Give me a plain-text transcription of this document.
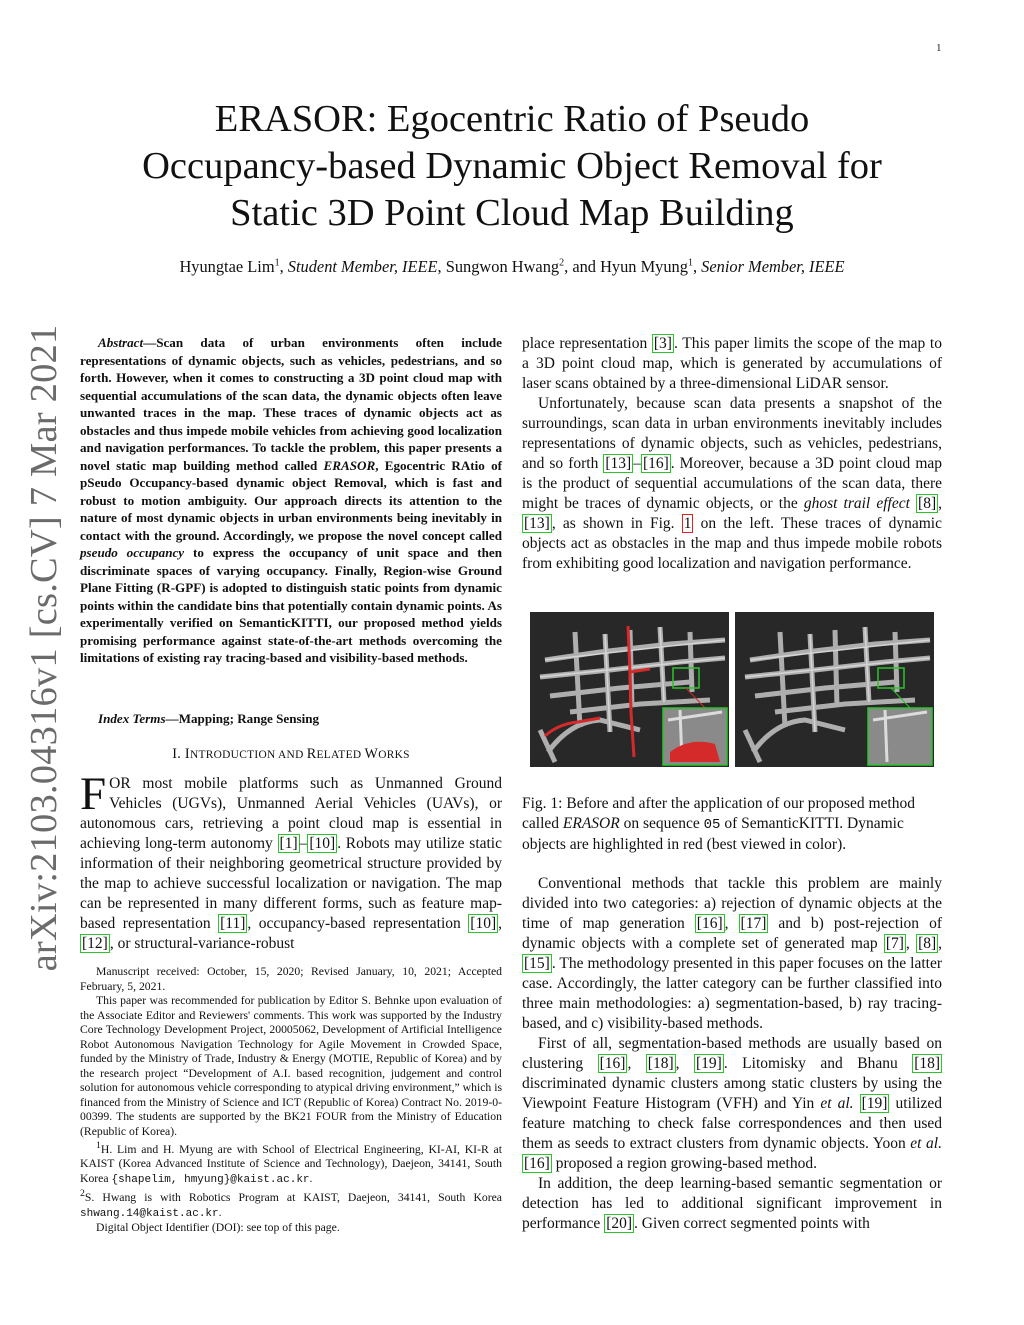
1
arXiv:2103.04316v1 [cs.CV] 7 Mar 2021
ERASOR: Egocentric Ratio of Pseudo
Occupancy-based Dynamic Object Removal for
Static 3D Point Cloud Map Building
Hyungtae Lim$^1$, Student Member, IEEE, Sungwon Hwang$^2$, and Hyun Myung$^1$, Senior Member, IEEE

Abstract—Scan data of urban environments often include representations of dynamic objects, such as vehicles, pedestrians, and so forth. However, when it comes to constructing a 3D point cloud map with sequential accumulations of the scan data, the dynamic objects often leave unwanted traces in the map. These traces of dynamic objects act as obstacles and thus impede mobile vehicles from achieving good localization and navigation performances. To tackle the problem, this paper presents a novel static map building method called ERASOR, Egocentric RAtio of pSeudo Occupancy-based dynamic object Removal, which is fast and robust to motion ambiguity. Our approach directs its attention to the nature of most dynamic objects in urban environments being inevitably in contact with the ground. Accordingly, we propose the novel concept called pseudo occupancy to express the occupancy of unit space and then discriminate spaces of varying occupancy. Finally, Region-wise Ground Plane Fitting (R-GPF) is adopted to distinguish static points from dynamic points within the candidate bins that potentially contain dynamic points. As experimentally verified on SemanticKITTI, our proposed method yields promising performance against state-of-the-art methods overcoming the limitations of existing ray tracing-based and visibility-based methods.

Index Terms—Mapping; Range Sensing
I. INTRODUCTION AND RELATED WORKS

FOR most mobile platforms such as Unmanned Ground Vehicles (UGVs), Unmanned Aerial Vehicles (UAVs), or autonomous cars, retrieving a point cloud map is essential in achieving long-term autonomy [1] – [10] . Robots may utilize static information of their neighboring geometrical structure provided by the map to achieve successful localization or navigation. The map can be represented in many different forms, such as feature map-based representation [11] , occupancy-based representation [10] , [12] , or structural-variance-robust

Manuscript received: October, 15, 2020; Revised January, 10, 2021; Accepted February, 5, 2021.

This paper was recommended for publication by Editor S. Behnke upon evaluation of the Associate Editor and Reviewers' comments. This work was supported by the Industry Core Technology Development Project, 20005062, Development of Artificial Intelligence Robot Autonomous Navigation Technology for Agile Movement in Crowded Space, funded by the Ministry of Trade, Industry & Energy (MOTIE, Republic of Korea) and by the research project “Development of A.I. based recognition, judgement and control solution for autonomous vehicle corresponding to atypical driving environment,” which is financed from the Ministry of Science and ICT (Republic of Korea) Contract No. 2019-0-00399. The students are supported by the BK21 FOUR from the Ministry of Education (Republic of Korea).

$^1$H. Lim and H. Myung are with School of Electrical Engineering, KI-AI, KI-R at KAIST (Korea Advanced Institute of Science and Technology), Daejeon, 34141, South Korea {shapelim, hmyung}@kaist.ac.kr.

$^2$S. Hwang is with Robotics Program at KAIST, Daejeon, 34141, South Korea shwang.14@kaist.ac.kr.

Digital Object Identifier (DOI): see top of this page.

place representation [3] . This paper limits the scope of the map to a 3D point cloud map, which is generated by accumulations of laser scans obtained by a three-dimensional LiDAR sensor.

Unfortunately, because scan data presents a snapshot of the surroundings, scan data in urban environments inevitably includes representations of dynamic objects, such as vehicles, pedestrians, and so forth [13] – [16] . Moreover, because a 3D point cloud map is the product of sequential accumulations of the scan data, there might be traces of dynamic objects, or the ghost trail effect [8] , [13] , as shown in Fig. 1 on the left. These traces of dynamic objects act as obstacles in the map and thus impede mobile robots from exhibiting good localization and navigation performance.

Fig. 1: Before and after the application of our proposed method called ERASOR on sequence 05 of SemanticKITTI. Dynamic objects are highlighted in red (best viewed in color).

Conventional methods that tackle this problem are mainly divided into two categories: a) rejection of dynamic objects at the time of map generation [16] , [17] and b) post-rejection of dynamic objects with a complete set of generated map [7] , [8] , [15] . The methodology presented in this paper focuses on the latter case. Accordingly, the latter category can be further classified into three main methodologies: a) segmentation-based, b) ray tracing-based, and c) visibility-based methods.

First of all, segmentation-based methods are usually based on clustering [16] , [18] , [19] . Litomisky and Bhanu [18] discriminated dynamic clusters among static clusters by using the Viewpoint Feature Histogram (VFH) and Yin et al. [19] utilized feature matching to check false correspondences and then used them as seeds to extract clusters from dynamic objects. Yoon et al. [16] proposed a region growing-based method.

In addition, the deep learning-based semantic segmentation or detection has led to additional significant improvement in performance [20] . Given correct segmented points with
